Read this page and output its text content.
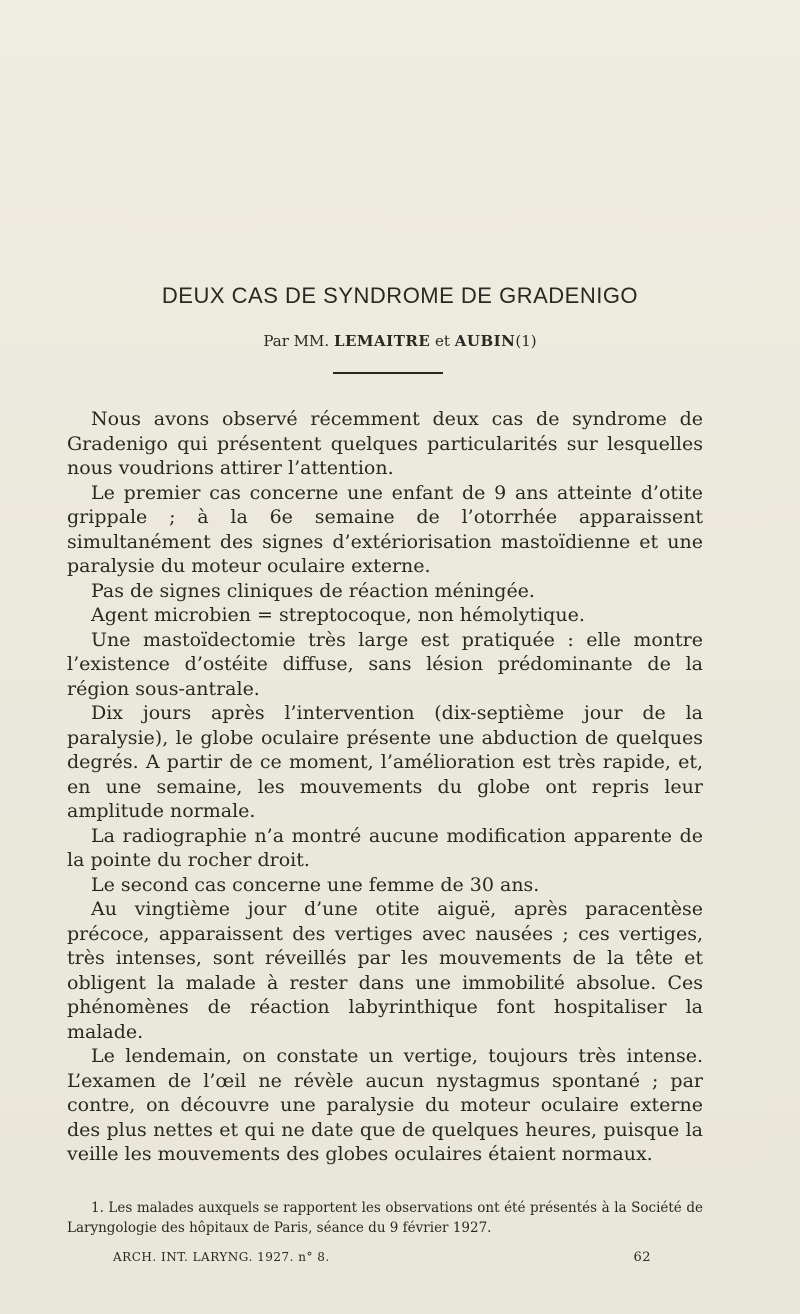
DEUX CAS DE SYNDROME DE GRADENIGO
Par MM. LEMAITRE et AUBIN(1)

Nous avons observé récemment deux cas de syndrome de Gradenigo qui présentent quelques particularités sur lesquelles nous voudrions attirer l’attention.

Le premier cas concerne une enfant de 9 ans atteinte d’otite grippale ; à la 6e semaine de l’otorrhée apparaissent simultanément des signes d’extériorisation mastoïdienne et une paralysie du moteur oculaire externe.

Pas de signes cliniques de réaction méningée.

Agent microbien = streptocoque, non hémolytique.

Une mastoïdectomie très large est pratiquée : elle montre l’existence d’ostéite diffuse, sans lésion prédominante de la région sous-antrale.

Dix jours après l’intervention (dix-septième jour de la paralysie), le globe oculaire présente une abduction de quelques degrés. A partir de ce moment, l’amélioration est très rapide, et, en une semaine, les mouvements du globe ont repris leur amplitude normale.

La radiographie n’a montré aucune modification apparente de la pointe du rocher droit.

Le second cas concerne une femme de 30 ans.

Au vingtième jour d’une otite aiguë, après paracentèse précoce, apparaissent des vertiges avec nausées ; ces vertiges, très intenses, sont réveillés par les mouvements de la tête et obligent la malade à rester dans une immobilité absolue. Ces phénomènes de réaction labyrinthique font hospitaliser la malade.

Le lendemain, on constate un vertige, toujours très intense. L’examen de l’œil ne révèle aucun nystagmus spontané ; par contre, on découvre une paralysie du moteur oculaire externe des plus nettes et qui ne date que de quelques heures, puisque la veille les mouvements des globes oculaires étaient normaux.

1. Les malades auxquels se rapportent les observations ont été présentés à la Société de Laryngologie des hôpitaux de Paris, séance du 9 février 1927.
ARCH. INT. LARYNG. 1927. n° 8.	62
